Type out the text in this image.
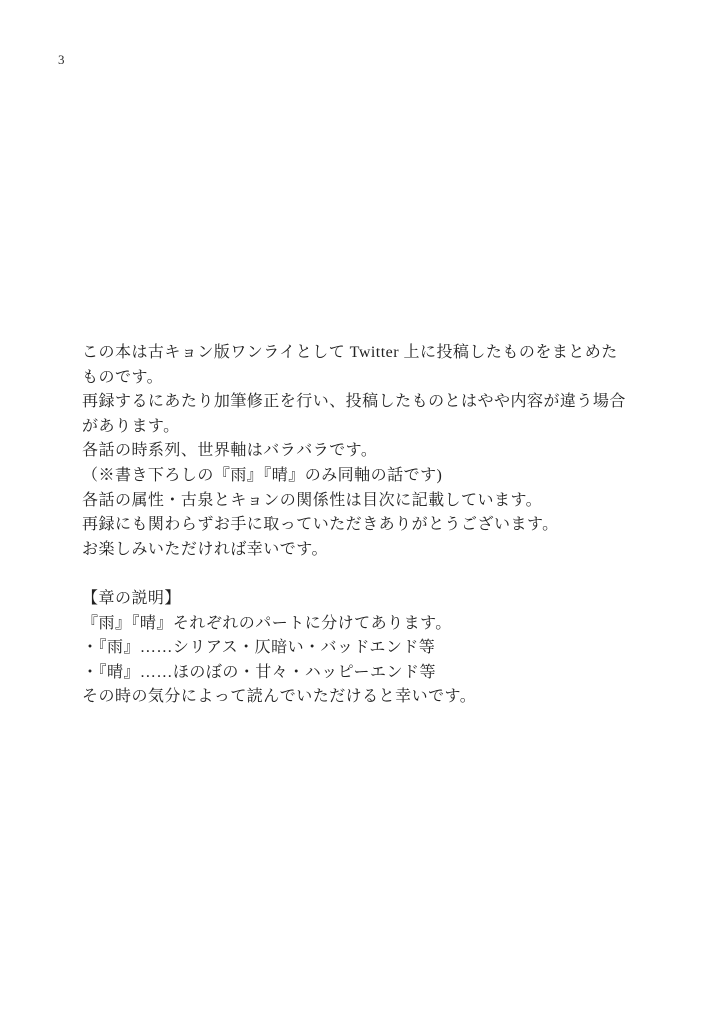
3
この本は古キョン版ワンライとして Twitter 上に投稿したものをまとめた
ものです。
再録するにあたり加筆修正を行い、投稿したものとはやや内容が違う場合
があります。
各話の時系列、世界軸はバラバラです。
（※書き下ろしの『雨』『晴』のみ同軸の話です)
各話の属性・古泉とキョンの関係性は目次に記載しています。
再録にも関わらずお手に取っていただきありがとうございます。
お楽しみいただければ幸いです。
【章の説明】
『雨』『晴』それぞれのパートに分けてあります。
・『雨』……シリアス・仄暗い・バッドエンド等
・『晴』……ほのぼの・甘々・ハッピーエンド等
その時の気分によって読んでいただけると幸いです。
